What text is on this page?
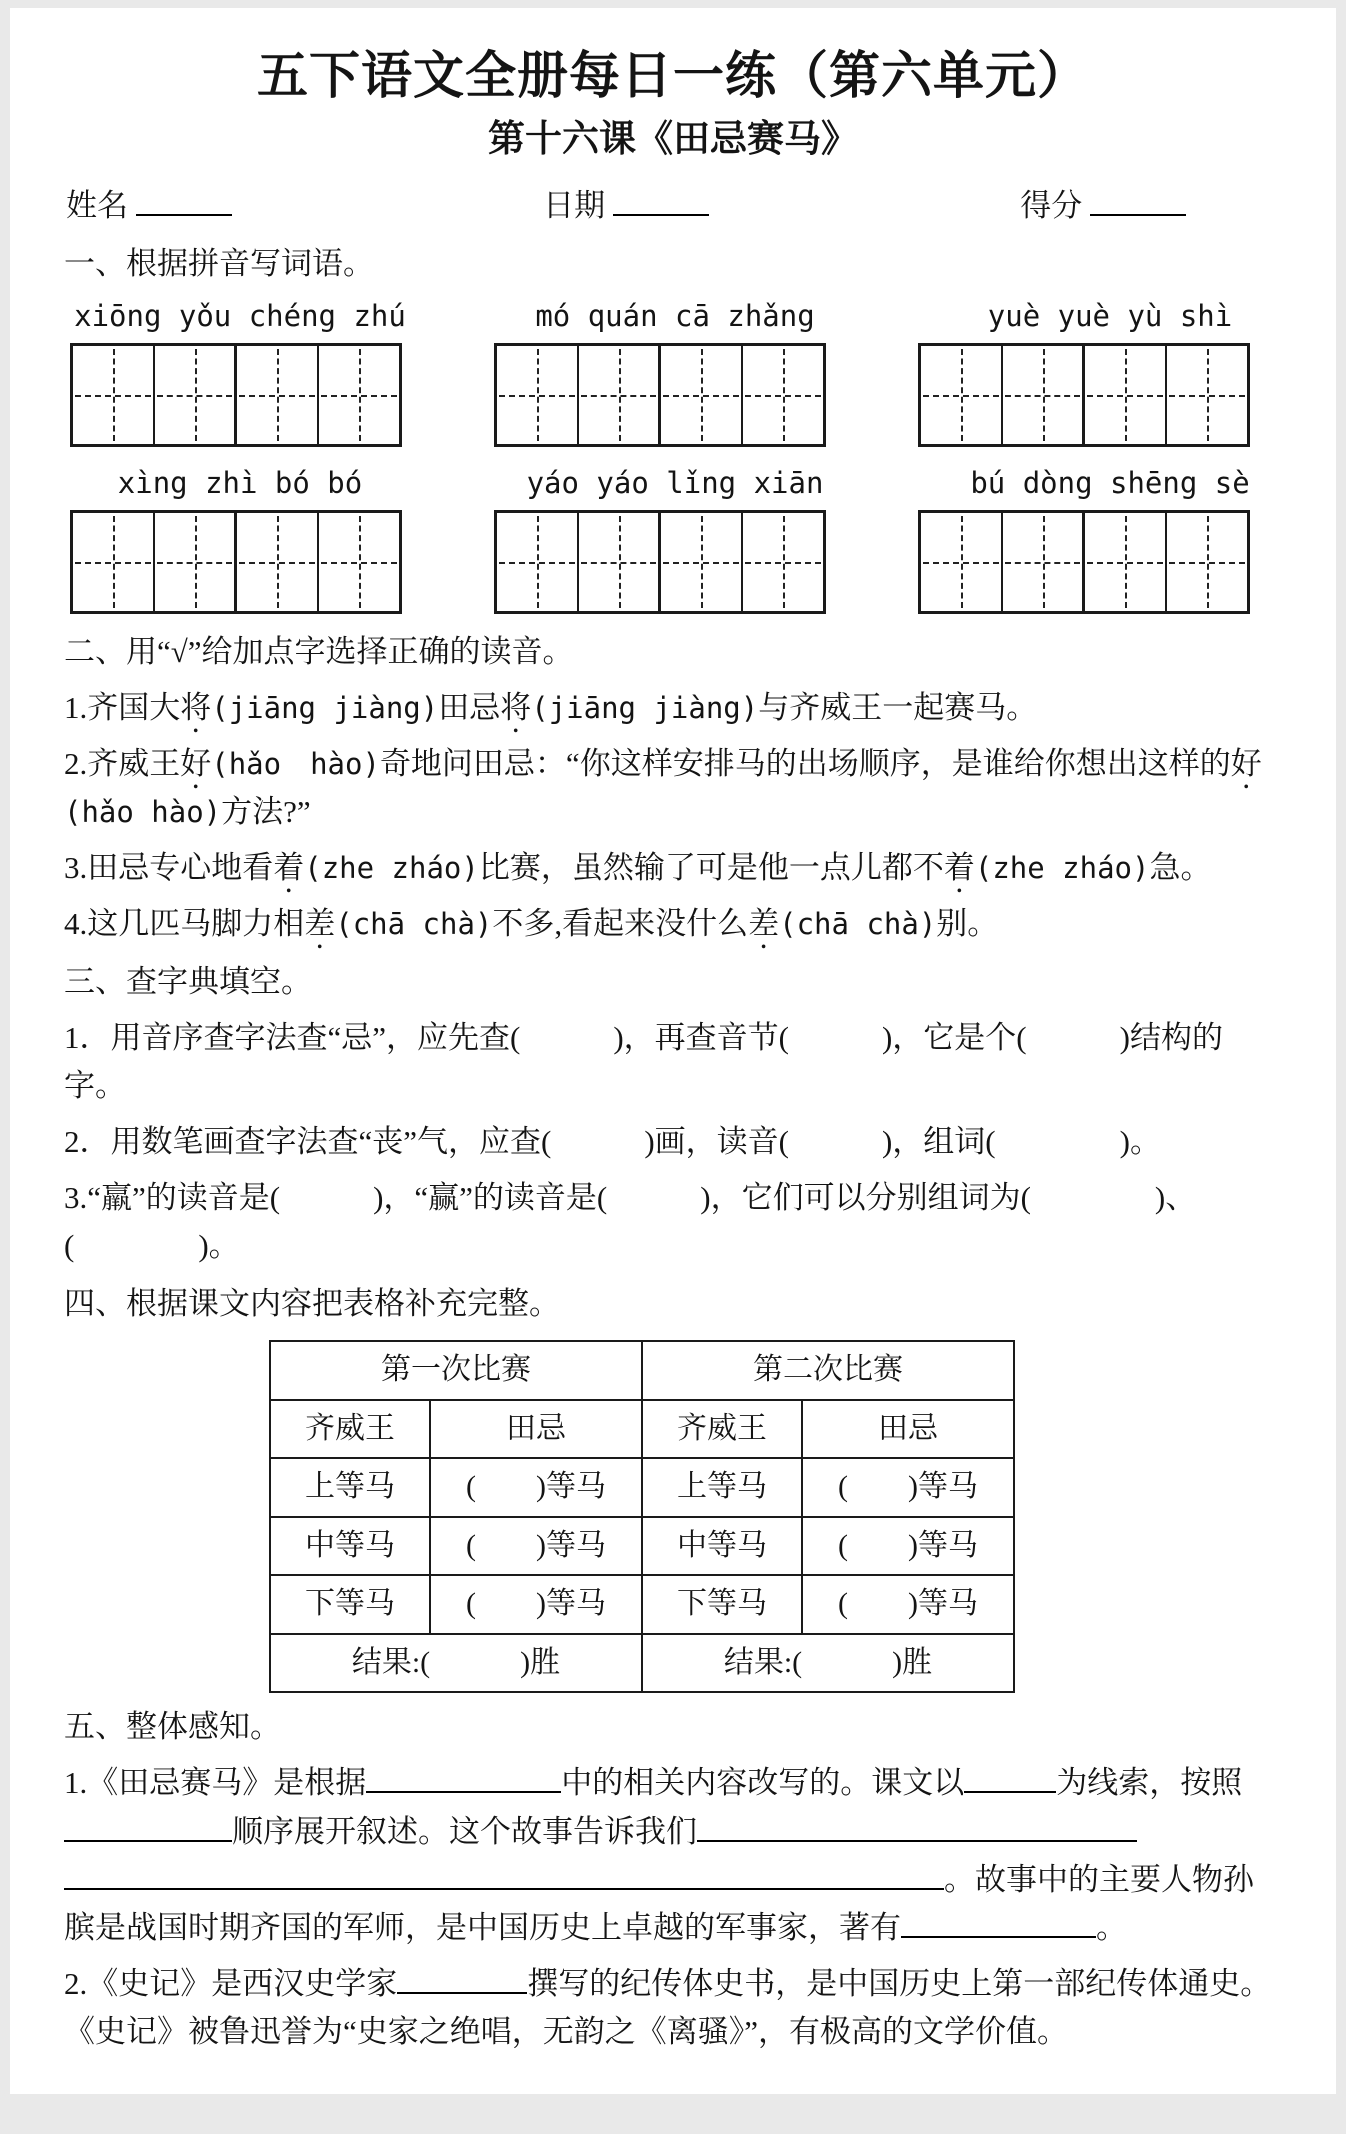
五下语文全册每日一练（第六单元）
第十六课《田忌赛马》
姓名	日期	得分

一、根据拼音写词语。

xiōng yǒu chéng zhú	mó quán cā zhǎng	yuè yuè yù shì
xìng zhì bó bó	yáo yáo lǐng xiān	bú dòng shēng sè

二、用“√”给加点字选择正确的读音。

1.齐国大将(jiāng jiàng)田忌将(jiāng jiàng)与齐威王一起赛马。

2.齐威王好(hǎo　hào)奇地问田忌：“你这样安排马的出场顺序，是谁给你想出这样的好(hǎo hào)方法?”

3.田忌专心地看着(zhe zháo)比赛，虽然输了可是他一点儿都不着(zhe zháo)急。

4.这几匹马脚力相差(chā chà)不多,看起来没什么差(chā chà)别。

三、查字典填空。

1．用音序查字法查“忌”，应先查(　　　)，再查音节(　　　)，它是个(　　　)结构的字。

2．用数笔画查字法查“丧”气，应查(　　　)画，读音(　　　)，组词(　　　　)。

3.“羸”的读音是(　　　)，“赢”的读音是(　　　)，它们可以分别组词为(　　　　)、(　　　　)。

四、根据课文内容把表格补充完整。

第一次比赛		第二次比赛	
齐威王	田忌	齐威王	田忌
上等马	(　　)等马	上等马	(　　)等马
中等马	(　　)等马	中等马	(　　)等马
下等马	(　　)等马	下等马	(　　)等马
结果:(　　　)胜		结果:(　　　)胜	

五、整体感知。

1.《田忌赛马》是根据	中的相关内容改写的。课文以	为线索，按照顺序展开叙述。这个故事告诉我们。故事中的主要人物孙膑是战国时期齐国的军师，是中国历史上卓越的军事家，著有	。

2.《史记》是西汉史学家	撰写的纪传体史书，是中国历史上第一部纪传体通史。《史记》被鲁迅誉为“史家之绝唱，无韵之《离骚》”，有极高的文学价值。
